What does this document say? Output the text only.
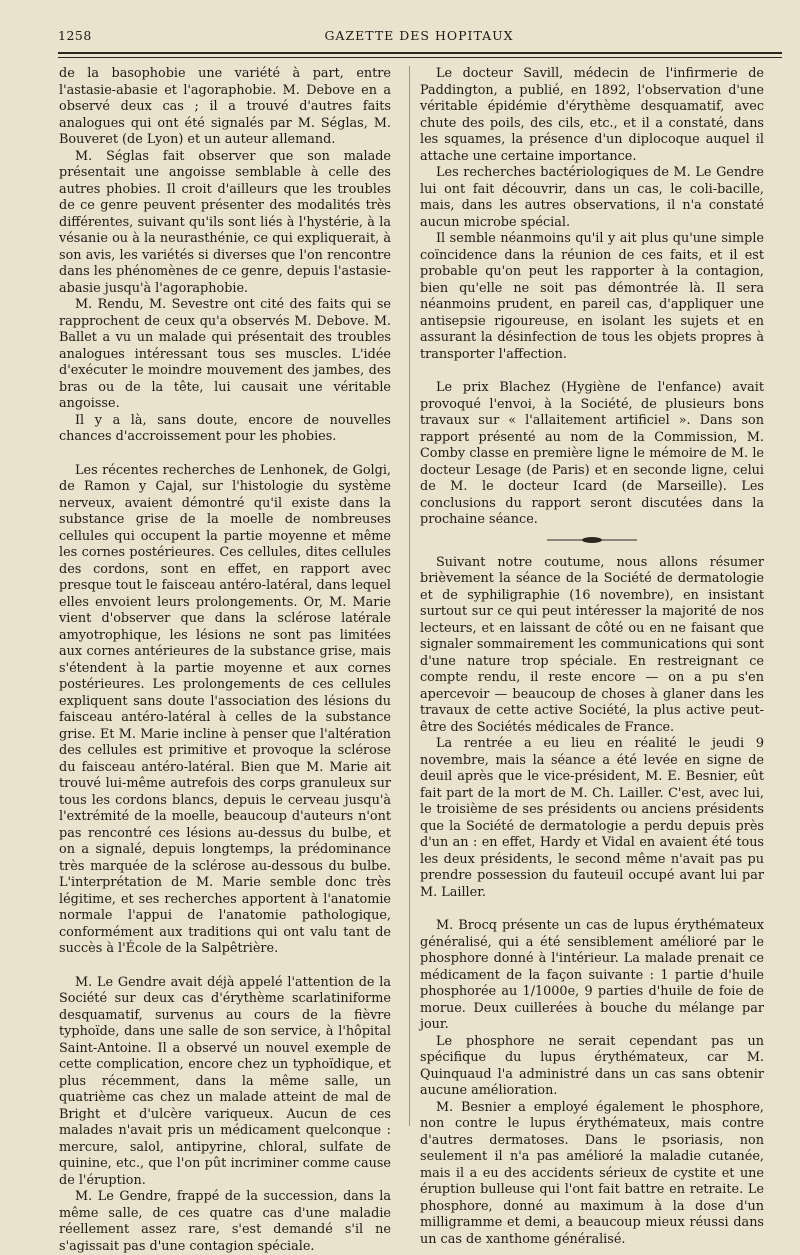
1258	GAZETTE DES HOPITAUX

de la basophobie une variété à part, entre l'astasie-abasie et l'agoraphobie. M. Debove en a observé deux cas ; il a trouvé d'autres faits analogues qui ont été signalés par M. Séglas, M. Bouveret (de Lyon) et un auteur allemand.

M. Séglas fait observer que son malade présentait une angoisse semblable à celle des autres phobies. Il croit d'ailleurs que les troubles de ce genre peuvent présenter des modalités très différentes, suivant qu'ils sont liés à l'hystérie, à la vésanie ou à la neurasthénie, ce qui expliquerait, à son avis, les variétés si diverses que l'on rencontre dans les phénomènes de ce genre, depuis l'astasie-abasie jusqu'à l'agoraphobie.

M. Rendu, M. Sevestre ont cité des faits qui se rapprochent de ceux qu'a observés M. Debove. M. Ballet a vu un malade qui présentait des troubles analogues intéressant tous ses muscles. L'idée d'exécuter le moindre mouvement des jambes, des bras ou de la tête, lui causait une véritable angoisse.

Il y a là, sans doute, encore de nouvelles chances d'accroissement pour les phobies.

Les récentes recherches de Lenhonek, de Golgi, de Ramon y Cajal, sur l'histologie du système nerveux, avaient démontré qu'il existe dans la substance grise de la moelle de nombreuses cellules qui occupent la partie moyenne et même les cornes postérieures. Ces cellules, dites cellules des cordons, sont en effet, en rapport avec presque tout le faisceau antéro-latéral, dans lequel elles envoient leurs prolongements. Or, M. Marie vient d'observer que dans la sclérose latérale amyotrophique, les lésions ne sont pas limitées aux cornes antérieures de la substance grise, mais s'étendent à la partie moyenne et aux cornes postérieures. Les prolongements de ces cellules expliquent sans doute l'association des lésions du faisceau antéro-latéral à celles de la substance grise. Et M. Marie incline à penser que l'altération des cellules est primitive et provoque la sclérose du faisceau antéro-latéral. Bien que M. Marie ait trouvé lui-même autrefois des corps granuleux sur tous les cordons blancs, depuis le cerveau jusqu'à l'extrémité de la moelle, beaucoup d'auteurs n'ont pas rencontré ces lésions au-dessus du bulbe, et on a signalé, depuis longtemps, la prédominance très marquée de la sclérose au-dessous du bulbe. L'interprétation de M. Marie semble donc très légitime, et ses recherches apportent à l'anatomie normale l'appui de l'anatomie pathologique, conformément aux traditions qui ont valu tant de succès à l'École de la Salpêtrière.

M. Le Gendre avait déjà appelé l'attention de la Société sur deux cas d'érythème scarlatiniforme desquamatif, survenus au cours de la fièvre typhoïde, dans une salle de son service, à l'hôpital Saint-Antoine. Il a observé un nouvel exemple de cette complication, encore chez un typhoïdique, et plus récemment, dans la même salle, un quatrième cas chez un malade atteint de mal de Bright et d'ulcère variqueux. Aucun de ces malades n'avait pris un médicament quelconque : mercure, salol, antipyrine, chloral, sulfate de quinine, etc., que l'on pût incriminer comme cause de l'éruption.

M. Le Gendre, frappé de la succession, dans la même salle, de ces quatre cas d'une maladie réellement assez rare, s'est demandé s'il ne s'agissait pas d'une contagion spéciale.

Le docteur Savill, médecin de l'infirmerie de Paddington, a publié, en 1892, l'observation d'une véritable épidémie d'érythème desquamatif, avec chute des poils, des cils, etc., et il a constaté, dans les squames, la présence d'un diplocoque auquel il attache une certaine importance.

Les recherches bactériologiques de M. Le Gendre lui ont fait découvrir, dans un cas, le coli-bacille, mais, dans les autres observations, il n'a constaté aucun microbe spécial.

Il semble néanmoins qu'il y ait plus qu'une simple coïncidence dans la réunion de ces faits, et il est probable qu'on peut les rapporter à la contagion, bien qu'elle ne soit pas démontrée là. Il sera néanmoins prudent, en pareil cas, d'appliquer une antisepsie rigoureuse, en isolant les sujets et en assurant la désinfection de tous les objets propres à transporter l'affection.

Le prix Blachez (Hygiène de l'enfance) avait provoqué l'envoi, à la Société, de plusieurs bons travaux sur « l'allaitement artificiel ». Dans son rapport présenté au nom de la Commission, M. Comby classe en première ligne le mémoire de M. le docteur Lesage (de Paris) et en seconde ligne, celui de M. le docteur Icard (de Marseille). Les conclusions du rapport seront discutées dans la prochaine séance.

Suivant notre coutume, nous allons résumer brièvement la séance de la Société de dermatologie et de syphiligraphie (16 novembre), en insistant surtout sur ce qui peut intéresser la majorité de nos lecteurs, et en laissant de côté ou en ne faisant que signaler sommairement les communications qui sont d'une nature trop spéciale. En restreignant ce compte rendu, il reste encore — on a pu s'en apercevoir — beaucoup de choses à glaner dans les travaux de cette active Société, la plus active peut-être des Sociétés médicales de France.

La rentrée a eu lieu en réalité le jeudi 9 novembre, mais la séance a été levée en signe de deuil après que le vice-président, M. E. Besnier, eût fait part de la mort de M. Ch. Lailler. C'est, avec lui, le troisième de ses présidents ou anciens présidents que la Société de dermatologie a perdu depuis près d'un an : en effet, Hardy et Vidal en avaient été tous les deux présidents, le second même n'avait pas pu prendre possession du fauteuil occupé avant lui par M. Lailler.

M. Brocq présente un cas de lupus érythémateux généralisé, qui a été sensiblement amélioré par le phosphore donné à l'intérieur. La malade prenait ce médicament de la façon suivante : 1 partie d'huile phosphorée au 1/1000e, 9 parties d'huile de foie de morue. Deux cuillerées à bouche du mélange par jour.

Le phosphore ne serait cependant pas un spécifique du lupus érythémateux, car M. Quinquaud l'a administré dans un cas sans obtenir aucune amélioration.

M. Besnier a employé également le phosphore, non contre le lupus érythémateux, mais contre d'autres dermatoses. Dans le psoriasis, non seulement il n'a pas amélioré la maladie cutanée, mais il a eu des accidents sérieux de cystite et une éruption bulleuse qui l'ont fait battre en retraite. Le phosphore, donné au maximum à la dose d'un milligramme et demi, a beaucoup mieux réussi dans un cas de xanthome généralisé.
